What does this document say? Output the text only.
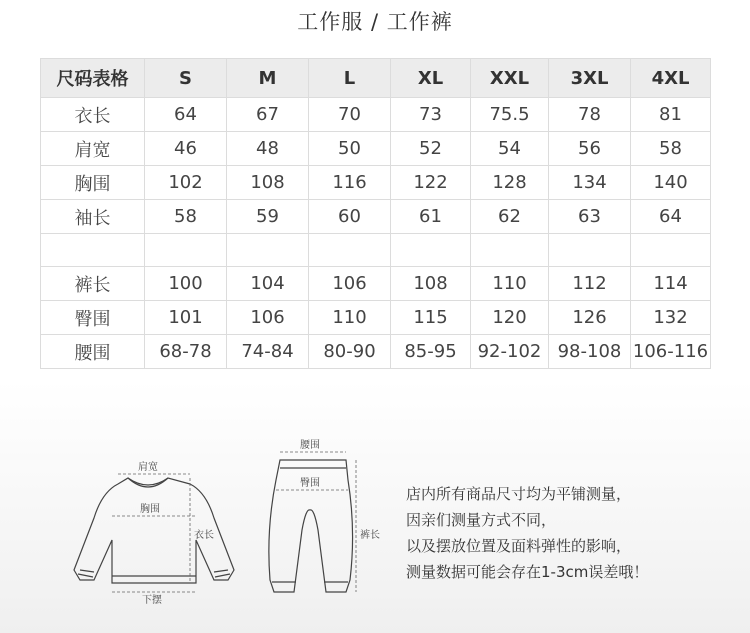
工作服 / 工作裤
尺码表格	S	M	L	XL	XXL	3XL	4XL
衣长	64	67	70	73	75.5	78	81
肩宽	46	48	50	52	54	56	58
胸围	102	108	116	122	128	134	140
袖长	58	59	60	61	62	63	64

裤长	100	104	106	108	110	112	114
臀围	101	106	110	115	120	126	132
腰围	68-78	74-84	80-90	85-95	92-102	98-108	106-116
肩宽
胸围
衣长
下摆
腰围
臀围
裤长
店内所有商品尺寸均为平铺测量，
因亲们测量方式不同，
以及摆放位置及面料弹性的影响，
测量数据可能会存在1-3cm误差哦！
